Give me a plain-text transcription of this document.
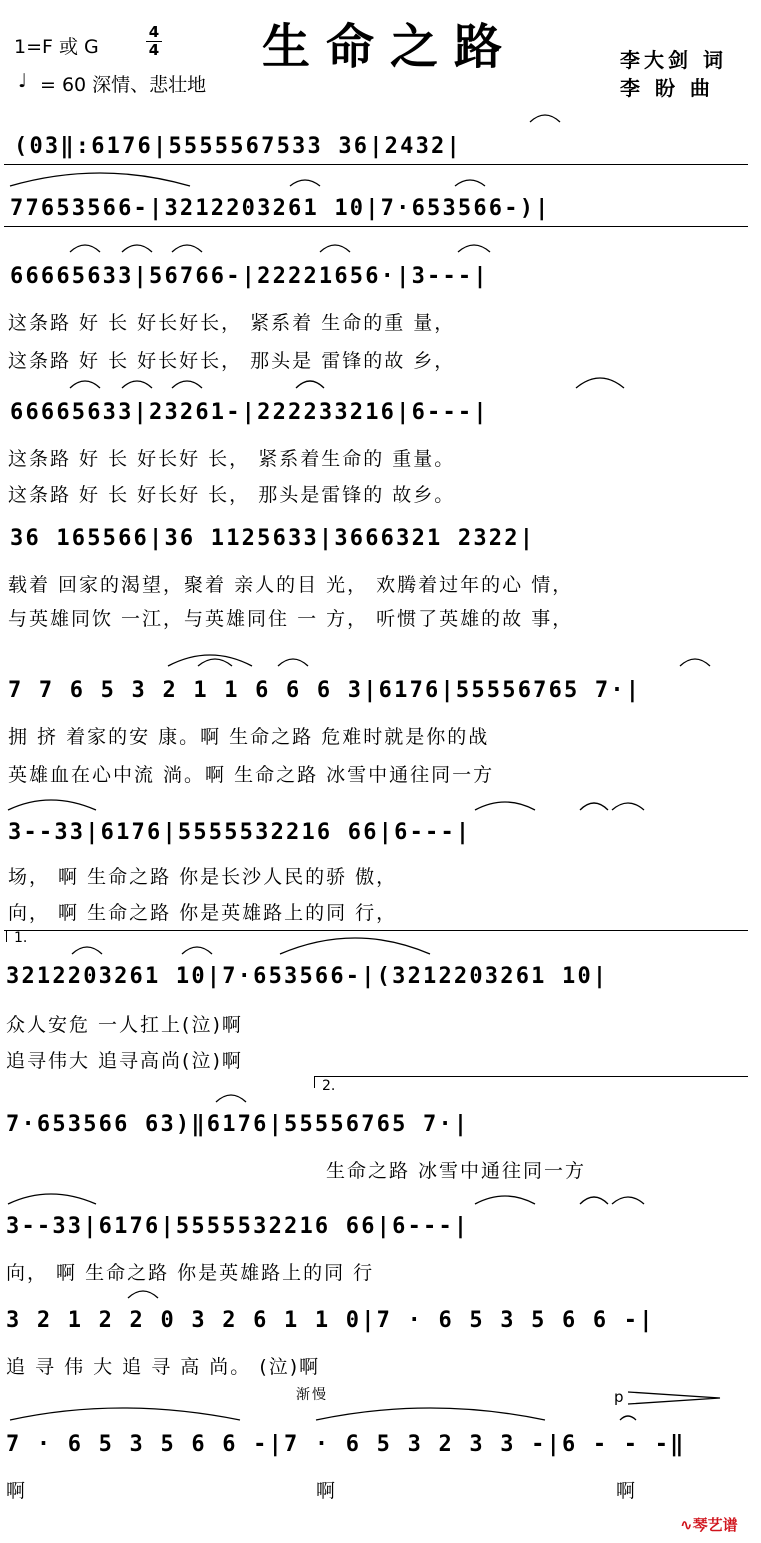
1=F 或 G	$\frac{4}{4}$ 生命之路
♩ = 60 深情、悲壮地
李大剑 词
李 盼 曲
(03‖:6176|5555567533 36|2432|
77653566-|3212203261 10|7·653566-)|
66665633|56766-|22221656·|3---|
这条路 好 长 好长好长， 紧系着 生命的重 量，
这条路 好 长 好长好长， 那头是 雷锋的故 乡，
66665633|23261-|222233216|6---|
这条路 好 长 好长好 长， 紧系着生命的 重量。
这条路 好 长 好长好 长， 那头是雷锋的 故乡。
36 165566|36 1125633|3666321 2322|
载着 回家的渴望，聚着 亲人的目 光， 欢腾着过年的心 情，
与英雄同饮 一江，与英雄同住 一 方， 听惯了英雄的故 事，
7 7 6 5 3 2 1 1 6 6 6 3|6176|55556765 7·|
拥 挤 着家的安 康。啊 生命之路 危难时就是你的战
英雄血在心中流 淌。啊 生命之路 冰雪中通往同一方
3--33|6176|5555532216 66|6---|
场， 啊 生命之路 你是长沙人民的骄 傲，
向， 啊 生命之路 你是英雄路上的同 行，
1.
3212203261 10|7·653566-|(3212203261 10|
众人安危 一人扛上(泣)啊
追寻伟大 追寻高尚(泣)啊
2.
7·653566 63)‖6176|55556765 7·|
生命之路 冰雪中通往同一方
3--33|6176|5555532216 66|6---|
向， 啊 生命之路 你是英雄路上的同 行
3 2 1 2 2 0 3 2 6 1 1 0|7 · 6 5 3 5 6 6 -|
追 寻 伟 大 追 寻 高 尚。 (泣)啊
渐慢	p
7 · 6 5 3 5 6 6 -|7 · 6 5 3 2 3 3 -|6 - - -‖
啊	啊	啊
∿琴艺谱
